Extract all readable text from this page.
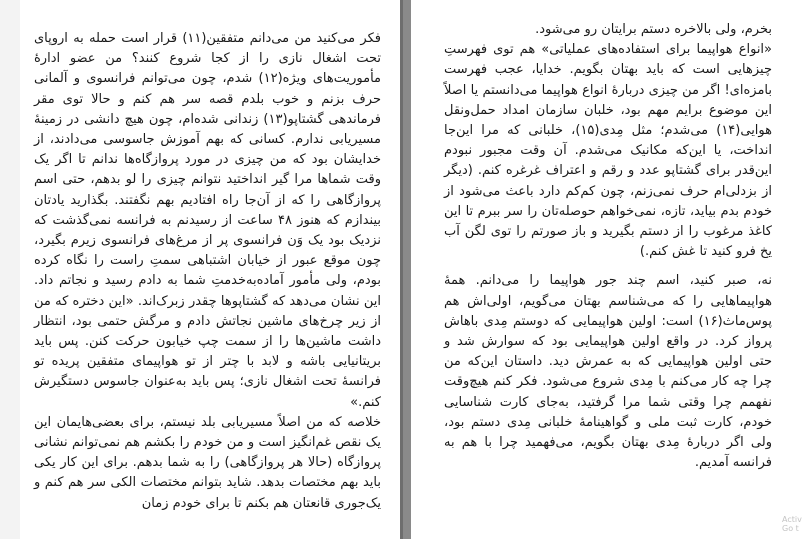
فکر می‌کنید من می‌دانم متفقین(۱۱) قرار است حمله به اروپای تحت اشغال نازی را از کجا شروع کنند؟ من عضو ادارهٔ مأموریت‌های ویژه(۱۲) شدم، چون می‌توانم فرانسوی و آلمانی حرف بزنم و خوب بلدم قصه سر هم کنم و حالا توی مقر فرماندهی گشتاپو(۱۳) زندانی شده‌ام، چون هیچ دانشی در زمینهٔ مسیریابی ندارم. کسانی که بهم آموزش جاسوسی می‌دادند، از خدایشان بود که من چیزی در مورد پروازگاه‌ها ندانم تا اگر یک وقت شماها مرا گیر انداختید نتوانم چیزی را لو بدهم، حتی اسم پروازگاهی را که از آن‌جا راه افتادیم بهم نگفتند. بگذارید یادتان بیندازم که هنوز ۴۸ ساعت از رسیدنم به فرانسه نمی‌گذشت که نزدیک بود یک وَن فرانسوی پر از مرغ‌های فرانسوی زیرم بگیرد، چون موقع عبور از خیابان اشتباهی سمتِ راست را نگاه کرده بودم، ولی مأمور آماده‌به‌خدمتِ شما به دادم رسید و نجاتم داد. این نشان می‌دهد که گشتاپوها چقدر زبرک‌اند. «این دختره که من از زیر چرخ‌های ماشین نجاتش دادم و مرگش حتمی بود، انتظار داشت ماشین‌ها را از سمت چپ خیابون حرکت کنن. پس باید بریتانیایی باشه و لابد با چتر از تو هواپیمای متفقین پریده تو فرانسهٔ تحت اشغال نازی؛ پس باید به‌عنوان جاسوس دستگیرش کنم.»

خلاصه که من اصلاً مسیریابی بلد نیستم، برای بعضی‌هایمان این یک نقص غم‌انگیز است و من خودم را بکشم هم نمی‌توانم نشانی پروازگاه (حالا هر پروازگاهی) را به شما بدهم. برای این کار یکی باید بهم مختصات بدهد. شاید بتوانم مختصات الکی سر هم کنم و یک‌جوری قانعتان هم بکنم تا برای خودم زمان

بخرم، ولی بالاخره دستم برایتان رو می‌شود.

«انواع هواپیما برای استفاده‌های عملیاتی» هم توی فهرستِ چیزهایی است که باید بهتان بگویم. خدایا، عجب فهرست بامزه‌ای! اگر من چیزی دربارهٔ انواع هواپیما می‌دانستم یا اصلاً این موضوع برایم مهم بود، خلبان سازمان امداد حمل‌ونقل هوایی(۱۴) می‌شدم؛ مثل مِدی(۱۵)، خلبانی که مرا این‌جا انداخت، یا این‌که مکانیک می‌شدم. آن وقت مجبور نبودم این‌قدر برای گشتاپو عدد و رقم و اعتراف غرغره کنم. (دیگر از بزدلی‌ام حرف نمی‌زنم، چون کم‌کم دارد باعث می‌شود از خودم بدم بیاید، تازه، نمی‌خواهم حوصله‌تان را سر ببرم تا این کاغذ مرغوب را از دستم بگیرید و باز صورتم را توی لگن آب یخ فرو کنید تا غش کنم.)

نه، صبر کنید، اسم چند جور هواپیما را می‌دانم. همهٔ هواپیماهایی را که می‌شناسم بهتان می‌گویم، اولی‌اش هم پوس‌ماث(۱۶) است: اولین هواپیمایی که دوستم مِدی باهاش پرواز کرد. در واقع اولین هواپیمایی بود که سوارش شد و حتی اولین هواپیمایی که به عمرش دید. داستان این‌که من چرا چه کار می‌کنم با مِدی شروع می‌شود. فکر کنم هیچ‌وقت نفهمم چرا وقتی شما مرا گرفتید، به‌جای کارت شناسایی خودم، کارت ثبت ملی و گواهینامهٔ خلبانی مِدی دستم بود، ولی اگر دربارهٔ مِدی بهتان بگویم، می‌فهمید چرا با هم به فرانسه آمدیم.

Activ
Go t
